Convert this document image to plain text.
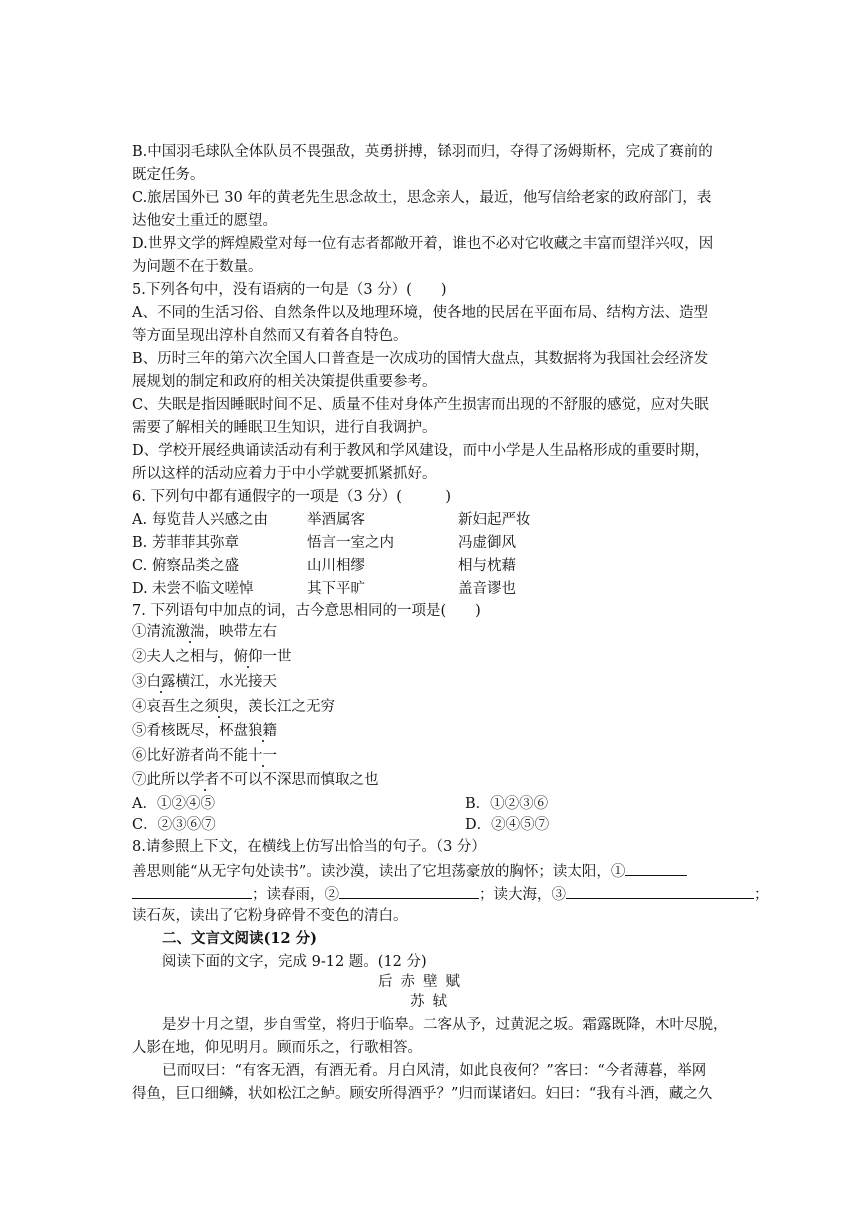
B.中国羽毛球队全体队员不畏强敌，英勇拼搏，铩羽而归，夺得了汤姆斯杯，完成了赛前的
既定任务。
C.旅居国外已 30 年的黄老先生思念故土，思念亲人，最近，他写信给老家的政府部门，表
达他安土重迁的愿望。
D.世界文学的辉煌殿堂对每一位有志者都敞开着，谁也不必对它收藏之丰富而望洋兴叹，因
为问题不在于数量。
5.下列各句中，没有语病的一句是（3 分）(　　)
A、不同的生活习俗、自然条件以及地理环境，使各地的民居在平面布局、结构方法、造型
等方面呈现出淳朴自然而又有着各自特色。
B、历时三年的第六次全国人口普查是一次成功的国情大盘点，其数据将为我国社会经济发
展规划的制定和政府的相关决策提供重要参考。
C、失眠是指因睡眠时间不足、质量不佳对身体产生损害而出现的不舒服的感觉，应对失眠
需要了解相关的睡眠卫生知识，进行自我调护。
D、学校开展经典诵读活动有利于教风和学风建设，而中小学是人生品格形成的重要时期，
所以这样的活动应着力于中小学就要抓紧抓好。
6. 下列句中都有通假字的一项是（3 分）(　　　)
A. 每览昔人兴感之由	举酒属客	新妇起严妆
B. 芳菲菲其弥章	悟言一室之内	冯虚御风
C. 俯察品类之盛	山川相缪	相与枕藉
D. 未尝不临文嗟悼	其下平旷	盖音谬也
7. 下列语句中加点的词，古今意思相同的一项是(　　)
①清流激湍，映带左右
②夫人之相与，俯仰一世
③白露横江，水光接天
④哀吾生之须臾，羡长江之无穷
⑤肴核既尽，杯盘狼籍
⑥比好游者尚不能十一
⑦此所以学者不可以不深思而慎取之也
A．①②④⑤	B．①②③⑥
C．②③⑥⑦	D．②④⑤⑦
8.请参照上下文，在横线上仿写出恰当的句子。（3 分）
善思则能“从无字句处读书”。读沙漠，读出了它坦荡豪放的胸怀；读太阳，①
；读春雨，②	；读大海，③	；
读石灰，读出了它粉身碎骨不变色的清白。
二、文言文阅读(12 分)
阅读下面的文字，完成 9-12 题。(12 分)
后赤壁赋
苏轼
是岁十月之望，步自雪堂，将归于临皋。二客从予，过黄泥之坂。霜露既降，木叶尽脱，
人影在地，仰见明月。顾而乐之，行歌相答。
已而叹曰：“有客无酒，有酒无肴。月白风清，如此良夜何？”客曰：“今者薄暮，举网
得鱼，巨口细鳞，状如松江之鲈。顾安所得酒乎？”归而谋诸妇。妇曰：“我有斗酒，藏之久
